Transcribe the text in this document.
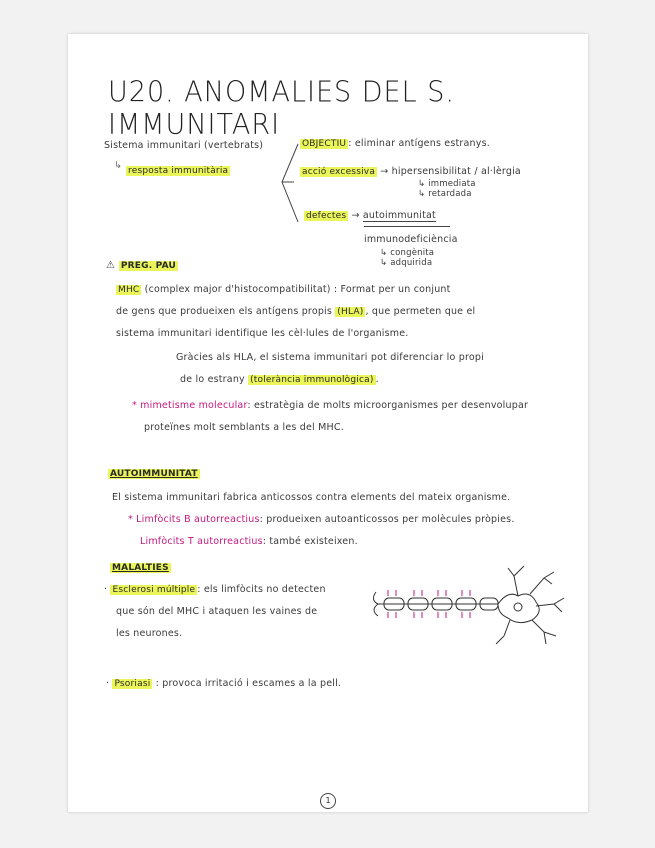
U20. ANOMALIES DEL S. IMMUNITARI
Sistema immunitari (vertebrats)
↳ resposta immunitària
OBJECTIU : eliminar antígens estranys.
acció excessiva → hipersensibilitat / al·lèrgia
↳ immediata
↳ retardada
defectes → autoimmunitat
immunodeficiència
↳ congènita
↳ adquirida
⚠ PREG. PAU
MHC (complex major d'histocompatibilitat) : Format per un conjunt
de gens que produeixen els antígens propis (HLA) , que permeten que el
sistema immunitari identifique les cèl·lules de l'organisme.
Gràcies als HLA, el sistema immunitari pot diferenciar lo propi
de lo estrany (tolerància immunològica) .
* mimetisme molecular: estratègia de molts microorganismes per desenvolupar
proteïnes molt semblants a les del MHC.
AUTOIMMUNITAT
El sistema immunitari fabrica anticossos contra elements del mateix organisme.
* Limfòcits B autorreactius: produeixen autoanticossos per molècules pròpies.
Limfòcits T autorreactius: també existeixen.
MALALTIES
· Esclerosi múltiple : els limfòcits no detecten
que són del MHC i ataquen les vaines de
les neurones.
· Psoriasi : provoca irritació i escames a la pell.
1
